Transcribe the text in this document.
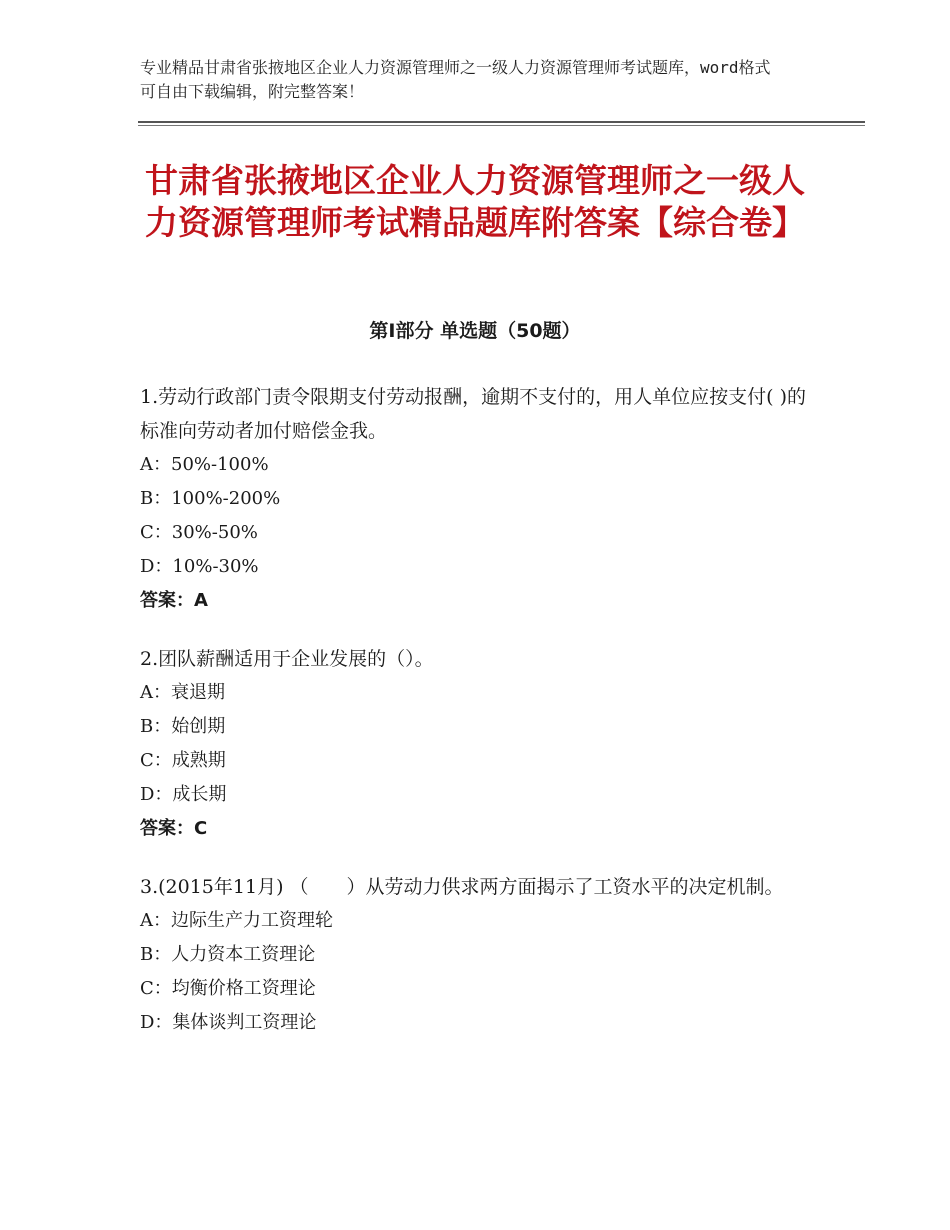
专业精品甘肃省张掖地区企业人力资源管理师之一级人力资源管理师考试题库，word格式可自由下载编辑，附完整答案！
甘肃省张掖地区企业人力资源管理师之一级人力资源管理师考试精品题库附答案【综合卷】
第Ⅰ部分 单选题（50题）
1.劳动行政部门责令限期支付劳动报酬，逾期不支付的，用人单位应按支付( )的标准向劳动者加付赔偿金我。
A：50%-100%
B：100%-200%
C：30%-50%
D：10%-30%
答案：A
2.团队薪酬适用于企业发展的（）。
A：衰退期
B：始创期
C：成熟期
D：成长期
答案：C
3.(2015年11月) （　　）从劳动力供求两方面揭示了工资水平的决定机制。
A：边际生产力工资理轮
B：人力资本工资理论
C：均衡价格工资理论
D：集体谈判工资理论
